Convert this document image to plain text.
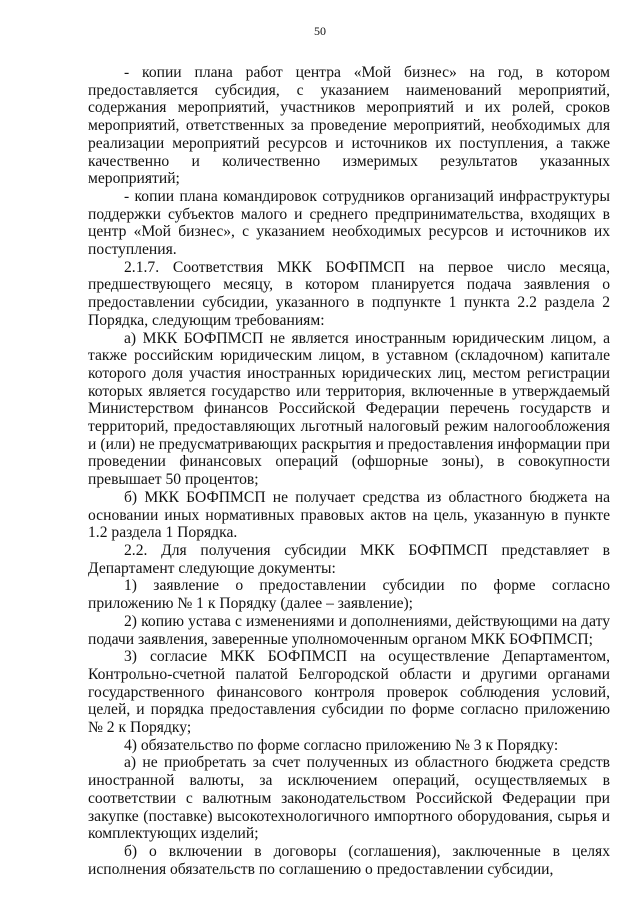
50

- копии плана работ центра «Мой бизнес» на год, в котором предоставляется субсидия, с указанием наименований мероприятий, содержания мероприятий, участников мероприятий и их ролей, сроков мероприятий, ответственных за проведение мероприятий, необходимых для реализации мероприятий ресурсов и источников их поступления, а также качественно и количественно измеримых результатов указанных мероприятий;

- копии плана командировок сотрудников организаций инфраструктуры поддержки субъектов малого и среднего предпринимательства, входящих в центр «Мой бизнес», с указанием необходимых ресурсов и источников их поступления.

2.1.7. Соответствия МКК БОФПМСП на первое число месяца, предшествующего месяцу, в котором планируется подача заявления о предоставлении субсидии, указанного в подпункте 1 пункта 2.2 раздела 2 Порядка, следующим требованиям:

а) МКК БОФПМСП не является иностранным юридическим лицом, а также российским юридическим лицом, в уставном (складочном) капитале которого доля участия иностранных юридических лиц, местом регистрации которых является государство или территория, включенные в утверждаемый Министерством финансов Российской Федерации перечень государств и территорий, предоставляющих льготный налоговый режим налогообложения и (или) не предусматривающих раскрытия и предоставления информации при проведении финансовых операций (офшорные зоны), в совокупности превышает 50 процентов;

б) МКК БОФПМСП не получает средства из областного бюджета на основании иных нормативных правовых актов на цель, указанную в пункте 1.2 раздела 1 Порядка.

2.2. Для получения субсидии МКК БОФПМСП представляет в Департамент следующие документы:

1) заявление о предоставлении субсидии по форме согласно приложению № 1 к Порядку (далее – заявление);

2) копию устава с изменениями и дополнениями, действующими на дату подачи заявления, заверенные уполномоченным органом МКК БОФПМСП;

3) согласие МКК БОФПМСП на осуществление Департаментом, Контрольно-счетной палатой Белгородской области и другими органами государственного финансового контроля проверок соблюдения условий, целей, и порядка предоставления субсидии по форме согласно приложению № 2 к Порядку;

4) обязательство по форме согласно приложению № 3 к Порядку:

а) не приобретать за счет полученных из областного бюджета средств иностранной валюты, за исключением операций, осуществляемых в соответствии с валютным законодательством Российской Федерации при закупке (поставке) высокотехнологичного импортного оборудования, сырья и комплектующих изделий;

б) о включении в договоры (соглашения), заключенные в целях исполнения обязательств по соглашению о предоставлении субсидии,
